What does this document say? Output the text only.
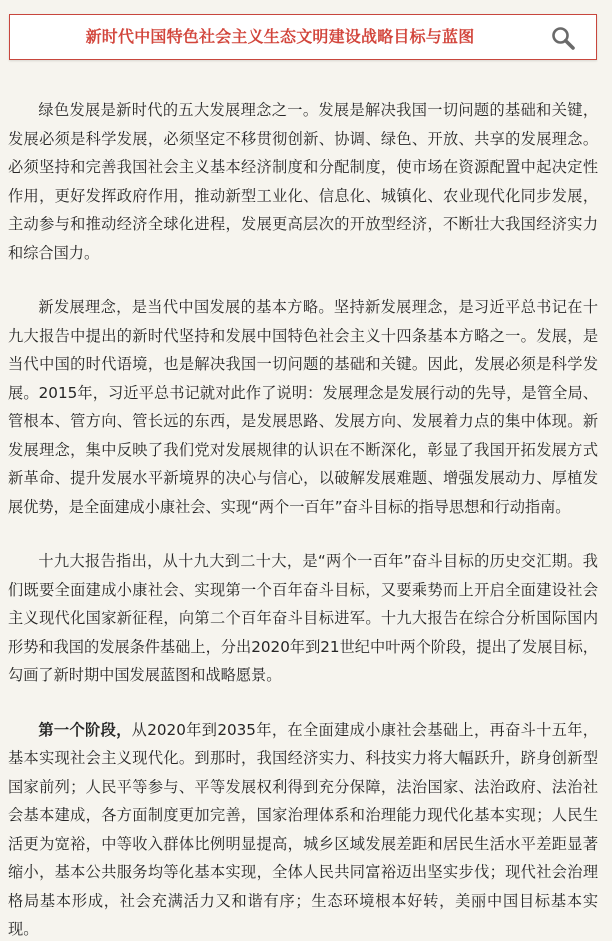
新时代中国特色社会主义生态文明建设战略目标与蓝图

绿色发展是新时代的五大发展理念之一。发展是解决我国一切问题的基础和关键，发展必须是科学发展，必须坚定不移贯彻创新、协调、绿色、开放、共享的发展理念。必须坚持和完善我国社会主义基本经济制度和分配制度，使市场在资源配置中起决定性作用，更好发挥政府作用，推动新型工业化、信息化、城镇化、农业现代化同步发展，主动参与和推动经济全球化进程，发展更高层次的开放型经济，不断壮大我国经济实力和综合国力。

新发展理念，是当代中国发展的基本方略。坚持新发展理念，是习近平总书记在十九大报告中提出的新时代坚持和发展中国特色社会主义十四条基本方略之一。发展，是当代中国的时代语境，也是解决我国一切问题的基础和关键。因此，发展必须是科学发展。2015年，习近平总书记就对此作了说明：发展理念是发展行动的先导，是管全局、管根本、管方向、管长远的东西，是发展思路、发展方向、发展着力点的集中体现。新发展理念，集中反映了我们党对发展规律的认识在不断深化，彰显了我国开拓发展方式新革命、提升发展水平新境界的决心与信心，以破解发展难题、增强发展动力、厚植发展优势，是全面建成小康社会、实现“两个一百年”奋斗目标的指导思想和行动指南。

十九大报告指出，从十九大到二十大，是“两个一百年”奋斗目标的历史交汇期。我们既要全面建成小康社会、实现第一个百年奋斗目标，又要乘势而上开启全面建设社会主义现代化国家新征程，向第二个百年奋斗目标进军。十九大报告在综合分析国际国内形势和我国的发展条件基础上，分出2020年到21世纪中叶两个阶段，提出了发展目标，勾画了新时期中国发展蓝图和战略愿景。

第一个阶段，从2020年到2035年，在全面建成小康社会基础上，再奋斗十五年，基本实现社会主义现代化。到那时，我国经济实力、科技实力将大幅跃升，跻身创新型国家前列；人民平等参与、平等发展权利得到充分保障，法治国家、法治政府、法治社会基本建成，各方面制度更加完善，国家治理体系和治理能力现代化基本实现；人民生活更为宽裕，中等收入群体比例明显提高，城乡区域发展差距和居民生活水平差距显著缩小，基本公共服务均等化基本实现，全体人民共同富裕迈出坚实步伐；现代社会治理格局基本形成，社会充满活力又和谐有序；生态环境根本好转，美丽中国目标基本实现。
